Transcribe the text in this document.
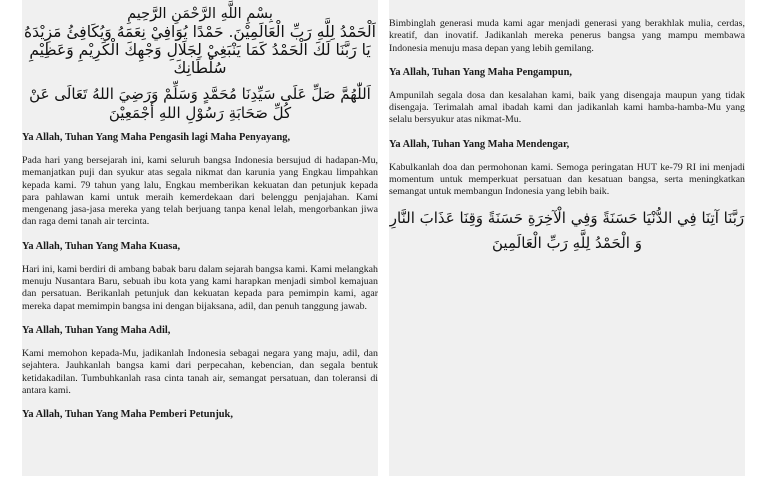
بِسْمِ اللَّهِ الرَّحْمَنِ الرَّحِيمِ

اَلْحَمْدُ لِلَّهِ رَبِّ الْعَالَمِيْنَ. حَمْدًا يُوَافِيْ نِعَمَهُ وَيُكَافِئُ مَزِيْدَهُ

يَا رَبَّنَا لَكَ الْحَمْدُ كَمَا يَنْبَغِيْ لِجَلَالِ وَجْهِكَ الْكَرِيْمِ وَعَظِيْمِ

سُلْطَانِكَ

اَللّٰهُمَّ صَلِّ عَلَى سَيِّدِنَا مُحَمَّدٍ وَسَلِّمْ وَرَضِيَ اللهُ تَعَالَى عَنْ

كُلِّ صَحَابَةِ رَسُوْلِ اللهِ أَجْمَعِيْنَ

Ya Allah, Tuhan Yang Maha Pengasih lagi Maha Penyayang,

Pada hari yang bersejarah ini, kami seluruh bangsa Indonesia bersujud di hadapan-Mu, memanjatkan puji dan syukur atas segala nikmat dan karunia yang Engkau limpahkan kepada kami. 79 tahun yang lalu, Engkau memberikan kekuatan dan petunjuk kepada para pahlawan kami untuk meraih kemerdekaan dari belenggu penjajahan. Kami mengenang jasa-jasa mereka yang telah berjuang tanpa kenal lelah, mengorbankan jiwa dan raga demi tanah air tercinta.

Ya Allah, Tuhan Yang Maha Kuasa,

Hari ini, kami berdiri di ambang babak baru dalam sejarah bangsa kami. Kami melangkah menuju Nusantara Baru, sebuah ibu kota yang kami harapkan menjadi simbol kemajuan dan persatuan. Berikanlah petunjuk dan kekuatan kepada para pemimpin kami, agar mereka dapat memimpin bangsa ini dengan bijaksana, adil, dan penuh tanggung jawab.

Ya Allah, Tuhan Yang Maha Adil,

Kami memohon kepada-Mu, jadikanlah Indonesia sebagai negara yang maju, adil, dan sejahtera. Jauhkanlah bangsa kami dari perpecahan, kebencian, dan segala bentuk ketidakadilan. Tumbuhkanlah rasa cinta tanah air, semangat persatuan, dan toleransi di antara kami.

Ya Allah, Tuhan Yang Maha Pemberi Petunjuk,

Bimbinglah generasi muda kami agar menjadi generasi yang berakhlak mulia, cerdas, kreatif, dan inovatif. Jadikanlah mereka penerus bangsa yang mampu membawa Indonesia menuju masa depan yang lebih gemilang.

Ya Allah, Tuhan Yang Maha Pengampun,

Ampunilah segala dosa dan kesalahan kami, baik yang disengaja maupun yang tidak disengaja. Terimalah amal ibadah kami dan jadikanlah kami hamba-hamba-Mu yang selalu bersyukur atas nikmat-Mu.

Ya Allah, Tuhan Yang Maha Mendengar,

Kabulkanlah doa dan permohonan kami. Semoga peringatan HUT ke-79 RI ini menjadi momentum untuk memperkuat persatuan dan kesatuan bangsa, serta meningkatkan semangat untuk membangun Indonesia yang lebih baik.

رَبَّنَا آتِنَا فِي الدُّنْيَا حَسَنَةً وَفِي الْآخِرَةِ حَسَنَةً وَقِنَا عَذَابَ النَّارِ

وَ الْحَمْدُ لِلَّهِ رَبِّ الْعَالَمِينَ
